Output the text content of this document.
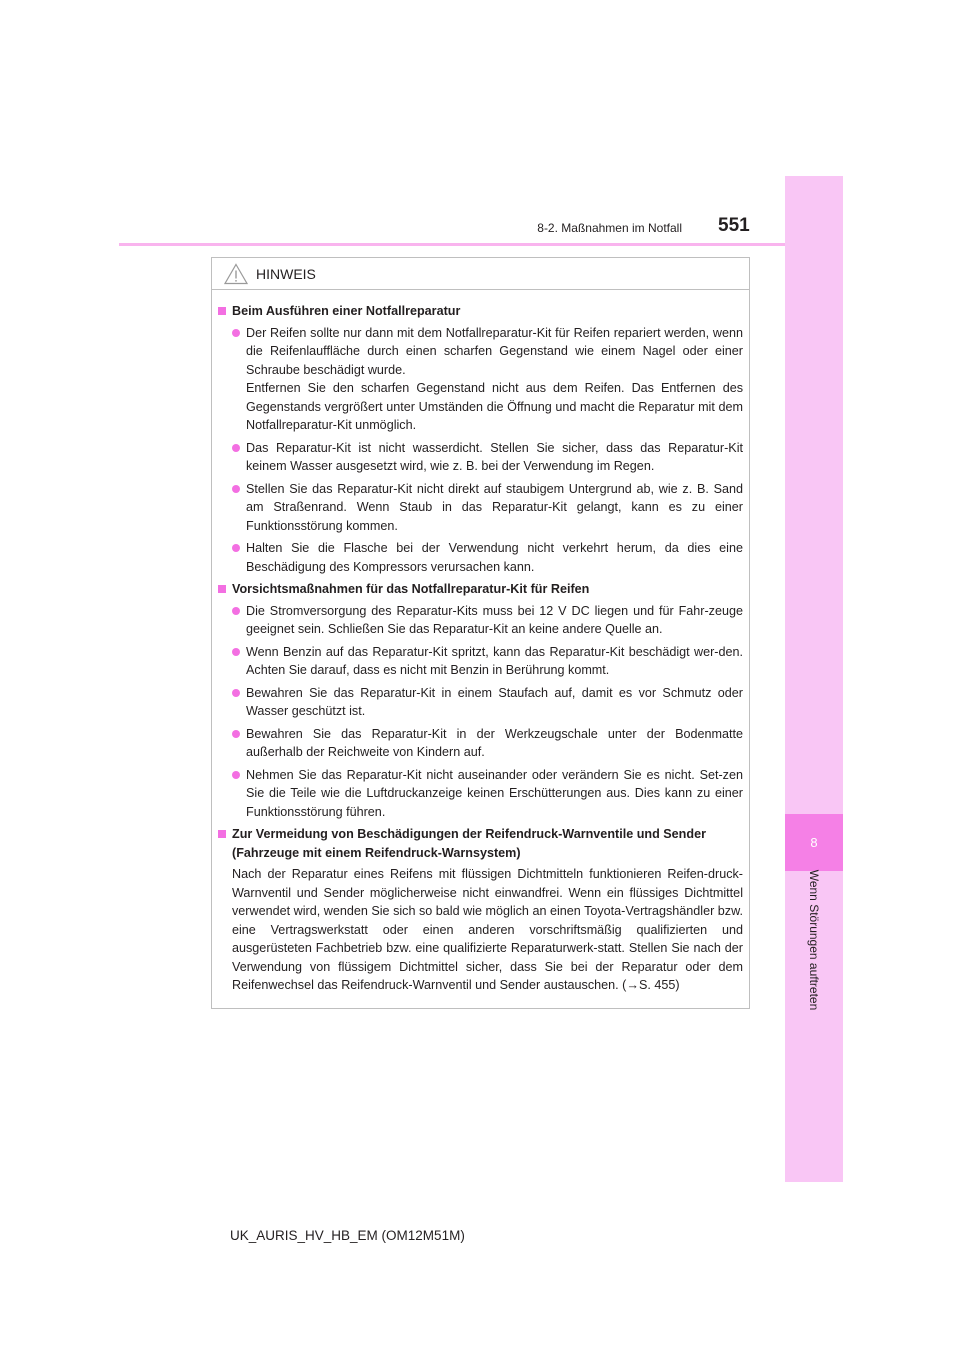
8
Wenn Störungen auftreten
8-2. Maßnahmen im Notfall 551
HINWEIS
Beim Ausführen einer Notfallreparatur
Der Reifen sollte nur dann mit dem Notfallreparatur-Kit für Reifen repariert werden, wenn die Reifenlauffläche durch einen scharfen Gegenstand wie einem Nagel oder einer Schraube beschädigt wurde.
Entfernen Sie den scharfen Gegenstand nicht aus dem Reifen. Das Entfernen des Gegenstands vergrößert unter Umständen die Öffnung und macht die Reparatur mit dem Notfallreparatur-Kit unmöglich.
Das Reparatur-Kit ist nicht wasserdicht. Stellen Sie sicher, dass das Reparatur-Kit keinem Wasser ausgesetzt wird, wie z. B. bei der Verwendung im Regen.
Stellen Sie das Reparatur-Kit nicht direkt auf staubigem Untergrund ab, wie z. B. Sand am Straßenrand. Wenn Staub in das Reparatur-Kit gelangt, kann es zu einer Funktionsstörung kommen.
Halten Sie die Flasche bei der Verwendung nicht verkehrt herum, da dies eine Beschädigung des Kompressors verursachen kann.
Vorsichtsmaßnahmen für das Notfallreparatur-Kit für Reifen
Die Stromversorgung des Reparatur-Kits muss bei 12 V DC liegen und für Fahr-zeuge geeignet sein. Schließen Sie das Reparatur-Kit an keine andere Quelle an.
Wenn Benzin auf das Reparatur-Kit spritzt, kann das Reparatur-Kit beschädigt wer-den. Achten Sie darauf, dass es nicht mit Benzin in Berührung kommt.
Bewahren Sie das Reparatur-Kit in einem Staufach auf, damit es vor Schmutz oder Wasser geschützt ist.
Bewahren Sie das Reparatur-Kit in der Werkzeugschale unter der Bodenmatte außerhalb der Reichweite von Kindern auf.
Nehmen Sie das Reparatur-Kit nicht auseinander oder verändern Sie es nicht. Set-zen Sie die Teile wie die Luftdruckanzeige keinen Erschütterungen aus. Dies kann zu einer Funktionsstörung führen.
Zur Vermeidung von Beschädigungen der Reifendruck-Warnventile und Sender (Fahrzeuge mit einem Reifendruck-Warnsystem)
Nach der Reparatur eines Reifens mit flüssigen Dichtmitteln funktionieren Reifen-druck-Warnventil und Sender möglicherweise nicht einwandfrei. Wenn ein flüssiges Dichtmittel verwendet wird, wenden Sie sich so bald wie möglich an einen Toyota-Vertragshändler bzw. eine Vertragswerkstatt oder einen anderen vorschriftsmäßig qualifizierten und ausgerüsteten Fachbetrieb bzw. eine qualifizierte Reparaturwerk-statt. Stellen Sie nach der Verwendung von flüssigem Dichtmittel sicher, dass Sie bei der Reparatur oder dem Reifenwechsel das Reifendruck-Warnventil und Sender austauschen. (→S. 455)
UK_AURIS_HV_HB_EM (OM12M51M)
